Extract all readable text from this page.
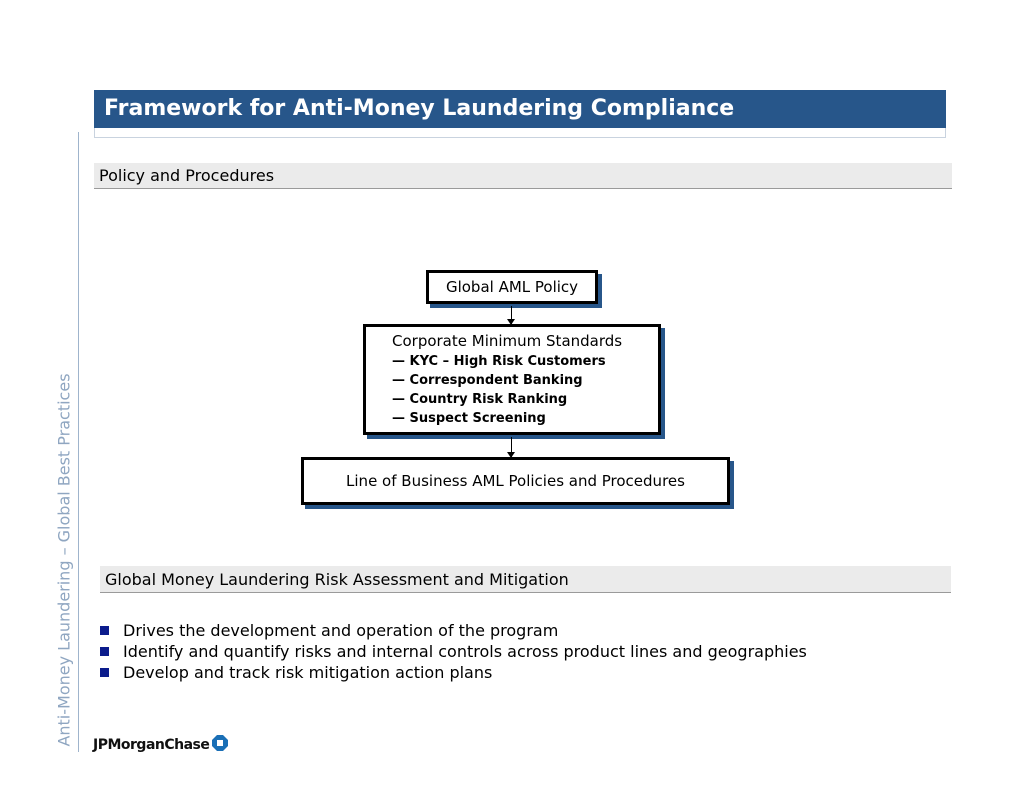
Framework for Anti-Money Laundering Compliance
Anti-Money Laundering – Global Best Practices
Policy and Procedures
Global AML Policy
Corporate Minimum Standards
— KYC – High Risk Customers
— Correspondent Banking
— Country Risk Ranking
— Suspect Screening
Line of Business AML Policies and Procedures
Global Money Laundering Risk Assessment and Mitigation
Drives the development and operation of the program
Identify and quantify risks and internal controls across product lines and geographies
Develop and track risk mitigation action plans
JPMorganChase
